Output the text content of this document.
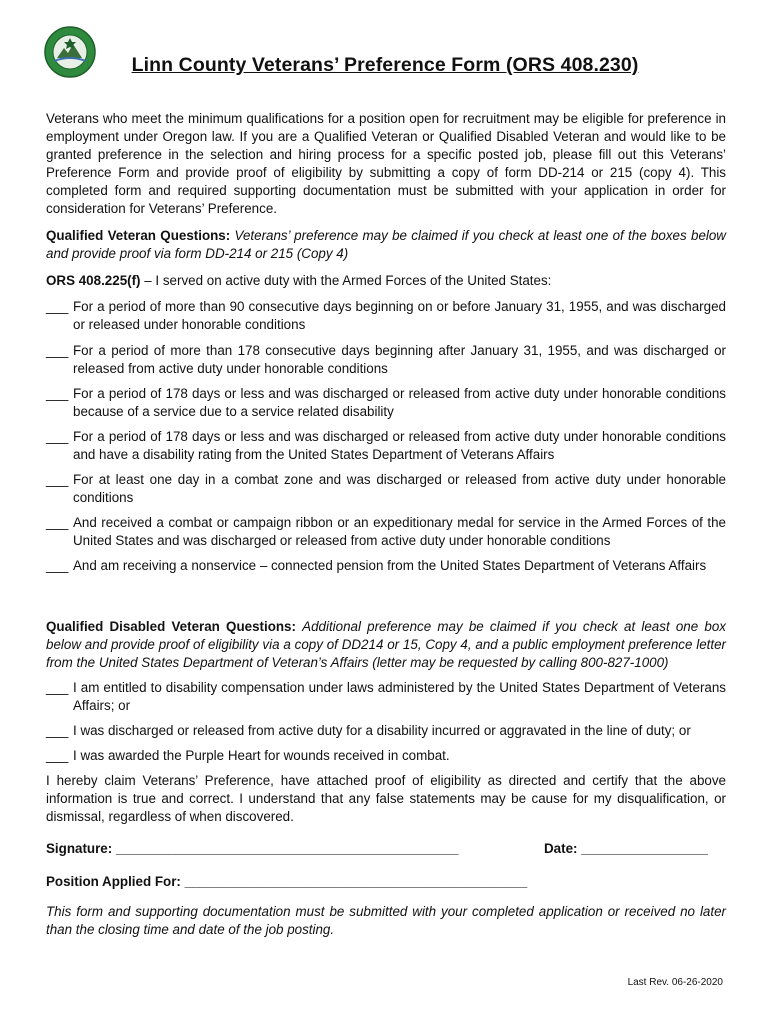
Linn County Veterans’ Preference Form (ORS 408.230)

Veterans who meet the minimum qualifications for a position open for recruitment may be eligible for preference in employment under Oregon law. If you are a Qualified Veteran or Qualified Disabled Veteran and would like to be granted preference in the selection and hiring process for a specific posted job, please fill out this Veterans’ Preference Form and provide proof of eligibility by submitting a copy of form DD-214 or 215 (copy 4). This completed form and required supporting documentation must be submitted with your application in order for consideration for Veterans’ Preference.

Qualified Veteran Questions: Veterans’ preference may be claimed if you check at least one of the boxes below and provide proof via form DD-214 or 215 (Copy 4)

ORS 408.225(f) – I served on active duty with the Armed Forces of the United States:

___ For a period of more than 90 consecutive days beginning on or before January 31, 1955, and was discharged or released under honorable conditions
___ For a period of more than 178 consecutive days beginning after January 31, 1955, and was discharged or released from active duty under honorable conditions
___ For a period of 178 days or less and was discharged or released from active duty under honorable conditions because of a service due to a service related disability
___ For a period of 178 days or less and was discharged or released from active duty under honorable conditions and have a disability rating from the United States Department of Veterans Affairs
___ For at least one day in a combat zone and was discharged or released from active duty under honorable conditions
___ And received a combat or campaign ribbon or an expeditionary medal for service in the Armed Forces of the United States and was discharged or released from active duty under honorable conditions
___ And am receiving a nonservice – connected pension from the United States Department of Veterans Affairs

Qualified Disabled Veteran Questions: Additional preference may be claimed if you check at least one box below and provide proof of eligibility via a copy of DD214 or 15, Copy 4, and a public employment preference letter from the United States Department of Veteran’s Affairs (letter may be requested by calling 800-827-1000)

___ I am entitled to disability compensation under laws administered by the United States Department of Veterans Affairs; or
___ I was discharged or released from active duty for a disability incurred or aggravated in the line of duty; or
___ I was awarded the Purple Heart for wounds received in combat.

I hereby claim Veterans’ Preference, have attached proof of eligibility as directed and certify that the above information is true and correct. I understand that any false statements may be cause for my disqualification, or dismissal, regardless of when discovered.

Signature: ______________________________________________	Date: _________________
Position Applied For: ______________________________________________

This form and supporting documentation must be submitted with your completed application or received no later than the closing time and date of the job posting.

Last Rev. 06-26-2020
